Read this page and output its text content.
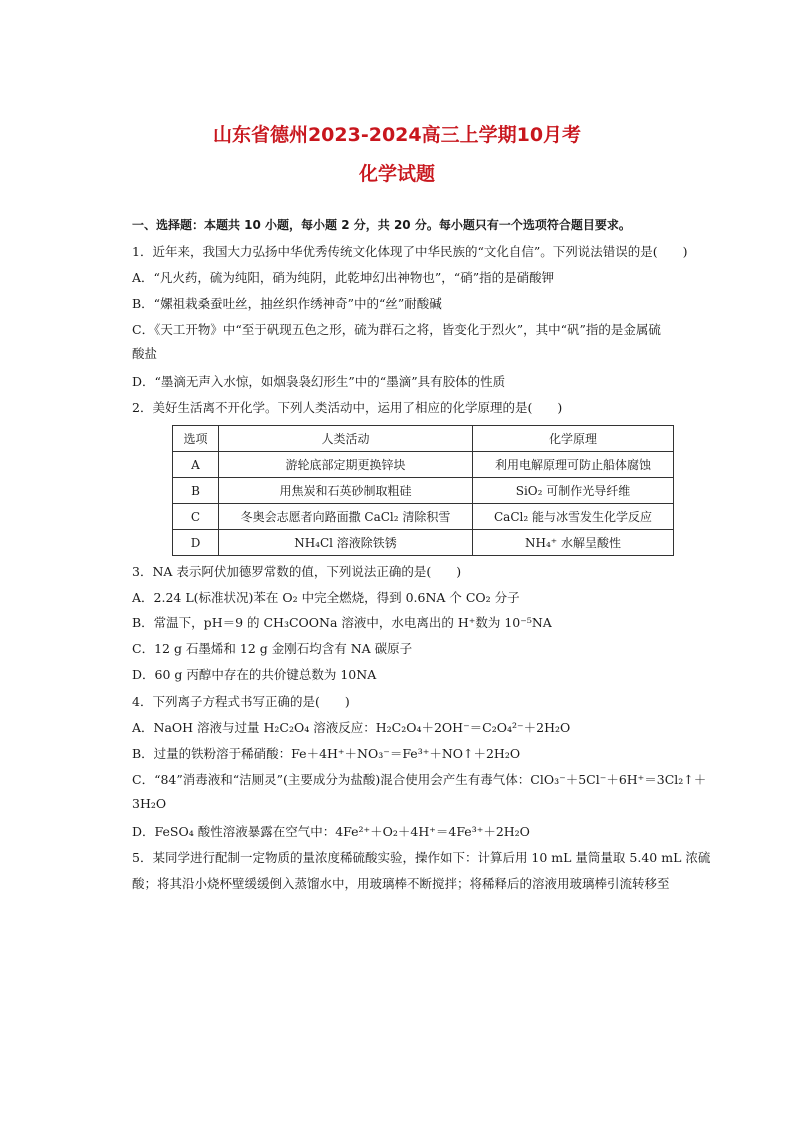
山东省德州2023-2024高三上学期10月考
化学试题
一、选择题：本题共 10 小题，每小题 2 分，共 20 分。每小题只有一个选项符合题目要求。
1．近年来，我国大力弘扬中华优秀传统文化体现了中华民族的“文化自信”。下列说法错误的是(　　)
A．“凡火药，硫为纯阳，硝为纯阴，此乾坤幻出神物也”，“硝”指的是硝酸钾
B．“嫘祖栽桑蚕吐丝，抽丝织作绣神奇”中的“丝”耐酸碱
C．《天工开物》中“至于矾现五色之形，硫为群石之将，皆变化于烈火”，其中“矾”指的是金属硫
酸盐
D．“墨滴无声入水惊，如烟袅袅幻形生”中的“墨滴”具有胶体的性质
2．美好生活离不开化学。下列人类活动中，运用了相应的化学原理的是(　　)
选项	人类活动	化学原理
A	游轮底部定期更换锌块	利用电解原理可防止船体腐蚀
B	用焦炭和石英砂制取粗硅	SiO₂ 可制作光导纤维
C	冬奥会志愿者向路面撒 CaCl₂ 清除积雪	CaCl₂ 能与冰雪发生化学反应
D	NH₄Cl 溶液除铁锈	NH₄⁺ 水解呈酸性
3．NA 表示阿伏加德罗常数的值，下列说法正确的是(　　)
A．2.24 L(标准状况)苯在 O₂ 中完全燃烧，得到 0.6NA 个 CO₂ 分子
B．常温下，pH＝9 的 CH₃COONa 溶液中，水电离出的 H⁺数为 10⁻⁵NA
C．12 g 石墨烯和 12 g 金刚石均含有 NA 碳原子
D．60 g 丙醇中存在的共价键总数为 10NA
4．下列离子方程式书写正确的是(　　)
A．NaOH 溶液与过量 H₂C₂O₄ 溶液反应：H₂C₂O₄＋2OH⁻＝C₂O₄²⁻＋2H₂O
B．过量的铁粉溶于稀硝酸：Fe＋4H⁺＋NO₃⁻＝Fe³⁺＋NO↑＋2H₂O
C．“84”消毒液和“洁厕灵”(主要成分为盐酸)混合使用会产生有毒气体：ClO₃⁻＋5Cl⁻＋6H⁺＝3Cl₂↑＋
3H₂O
D．FeSO₄ 酸性溶液暴露在空气中：4Fe²⁺＋O₂＋4H⁺＝4Fe³⁺＋2H₂O
5．某同学进行配制一定物质的量浓度稀硫酸实验，操作如下：计算后用 10 mL 量筒量取 5.40 mL 浓硫
酸；将其沿小烧杯壁缓缓倒入蒸馏水中，用玻璃棒不断搅拌；将稀释后的溶液用玻璃棒引流转移至
